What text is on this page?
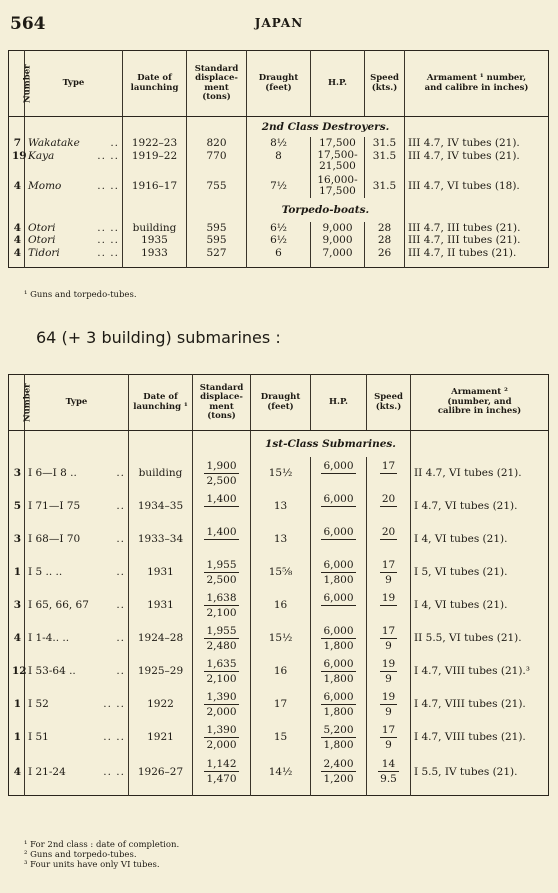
564	JAPAN
Number	Type	Date of
launching	Standard
displace-
ment
(tons)	Draught
(feet)	H.P.	Speed
(kts.)	Armament ¹ number,
and calibre in inches)
				2nd Class Destroyers.			
7	Wakatake ..	1922–23	820	8½	17,500	31.5	III 4.7, IV tubes (21).
19	Kaya .. ..	1919–22	770	8	17,500-
21,500	31.5	III 4.7, IV tubes (21).
4	Momo .. ..	1916–17	755	7½	16,000-
17,500	31.5	III 4.7, VI tubes (18).
				Torpedo-boats.			
4	Otori .. ..	building	595	6½	9,000	28	III 4.7, III tubes (21).
4	Otori .. ..	1935	595	6½	9,000	28	III 4.7, III tubes (21).
4	Tidori .. ..	1933	527	6	7,000	26	III 4.7, II tubes (21).

¹ Guns and torpedo-tubes.
64 (+ 3 building) submarines :
Number	Type	Date of
launching ¹	Standard
displace-
ment
(tons)	Draught
(feet)	H.P.	Speed
(kts.)	Armament ²
(number, and
calibre in inches)
				1st-Class Submarines.			
3	I 6—I 8 .. ..	building	$\frac{1,900}{2,500}$	15½	6,000	17	II 4.7, VI tubes (21).
5	I 71—I 75 ..	1934–35	1,400	13	6,000	20	I 4.7, VI tubes (21).
3	I 68—I 70 ..	1933–34	1,400	13	6,000	20	I 4, VI tubes (21).
1	I 5 .. .. ..	1931	$\frac{1,955}{2,500}$	15⅝	$\frac{6,000}{1,800}$	$\frac{17}{9}$	I 5, VI tubes (21).
3	I 65, 66, 67 ..	1931	$\frac{1,638}{2,100}$	16	6,000	19	I 4, VI tubes (21).
4	I 1-4.. .. ..	1924–28	$\frac{1,955}{2,480}$	15½	$\frac{6,000}{1,800}$	$\frac{17}{9}$	II 5.5, VI tubes (21).
12	I 53-64 .. ..	1925–29	$\frac{1,635}{2,100}$	16	$\frac{6,000}{1,800}$	$\frac{19}{9}$	I 4.7, VIII tubes (21).³
1	I 52 .. ..	1922	$\frac{1,390}{2,000}$	17	$\frac{6,000}{1,800}$	$\frac{19}{9}$	I 4.7, VIII tubes (21).
1	I 51 .. ..	1921	$\frac{1,390}{2,000}$	15	$\frac{5,200}{1,800}$	$\frac{17}{9}$	I 4.7, VIII tubes (21).
4	I 21-24 .. ..	1926–27	$\frac{1,142}{1,470}$	14½	$\frac{2,400}{1,200}$	$\frac{14}{9.5}$	I 5.5, IV tubes (21).

¹ For 2nd class : date of completion.
² Guns and torpedo-tubes.
³ Four units have only VI tubes.
